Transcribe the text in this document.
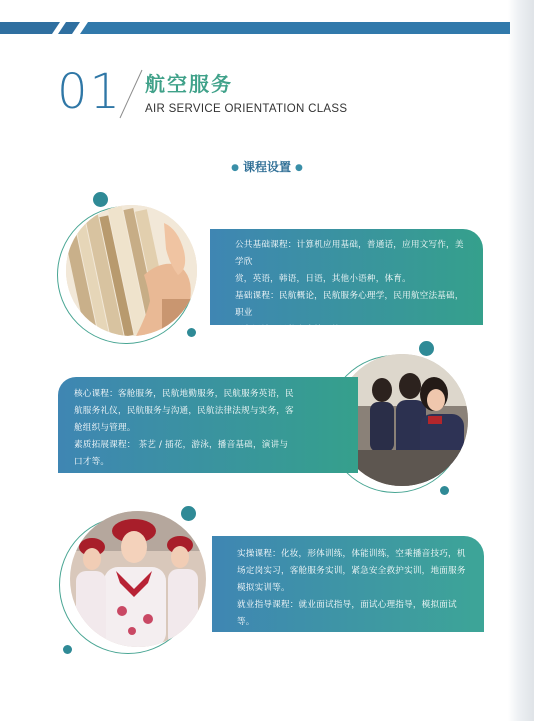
01 航空服务
AIR SERVICE ORIENTATION CLASS
● 课程设置 ●

公共基础课程：计算机应用基础，普通话，应用文写作，美学欣

赏，英语，韩语，日语，其他小语种，体育。

基础课程：民航概论，民航服务心理学，民用航空法基础，职业

形象设计，民航安全管理等。

核心课程：客舱服务，民航地勤服务，民航服务英语，民

航服务礼仪，民航服务与沟通，民航法律法规与实务，客

舱组织与管理。

素质拓展课程： 茶艺 / 插花，游泳，播音基础，演讲与

口才等。

实操课程：化妆，形体训练，体能训练，空乘播音技巧，机

场定岗实习，客舱服务实训，紧急安全救护实训，地面服务

模拟实训等。

就业指导课程：就业面试指导，面试心理指导，模拟面试等。
